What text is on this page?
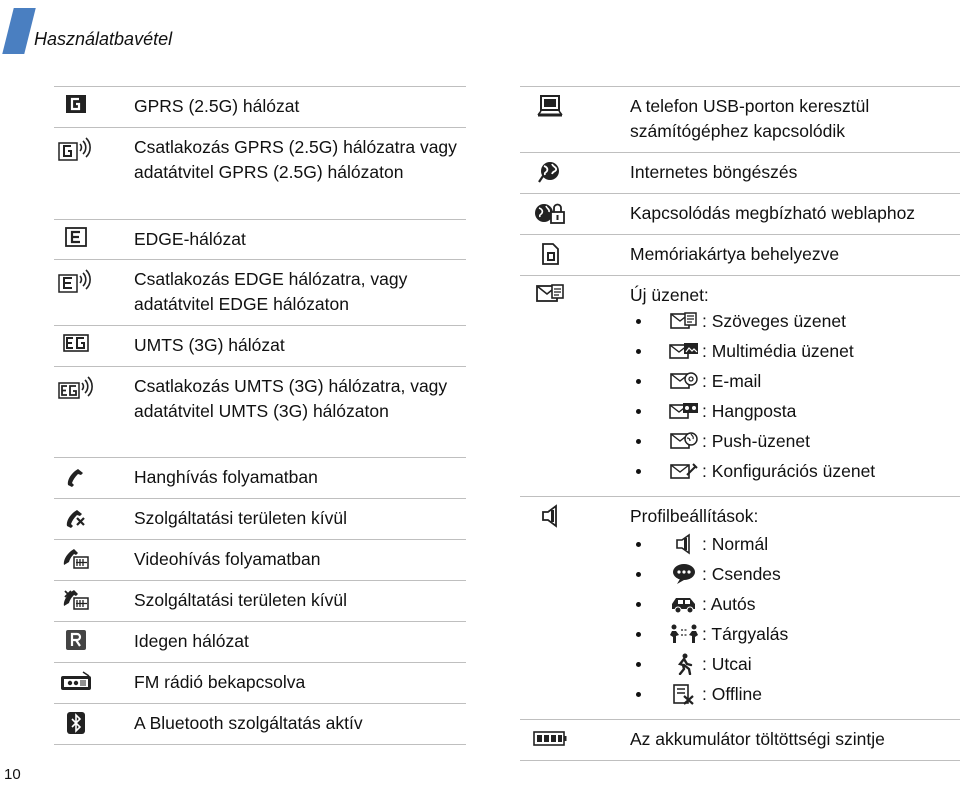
Használatbavétel
GPRS (2.5G) hálózat
Csatlakozás GPRS (2.5G) hálózatra vagy adatátvitel GPRS (2.5G) hálózaton
EDGE-hálózat
Csatlakozás EDGE hálózatra, vagy adatátvitel EDGE hálózaton
UMTS (3G) hálózat
Csatlakozás UMTS (3G) hálózatra, vagy adatátvitel UMTS (3G) hálózaton
Hanghívás folyamatban
Szolgáltatási területen kívül
Videohívás folyamatban
Szolgáltatási területen kívül
Idegen hálózat
FM rádió bekapcsolva
A Bluetooth szolgáltatás aktív
A telefon USB-porton keresztül számítógéphez kapcsolódik
Internetes böngészés
Kapcsolódás megbízható weblaphoz
Memóriakártya behelyezve
Új üzenet:
: Szöveges üzenet
: Multimédia üzenet
: E-mail
: Hangposta
: Push-üzenet
: Konfigurációs üzenet
Profilbeállítások:
: Normál
: Csendes
: Autós
: Tárgyalás
: Utcai
: Offline
Az akkumulátor töltöttségi szintje
10
